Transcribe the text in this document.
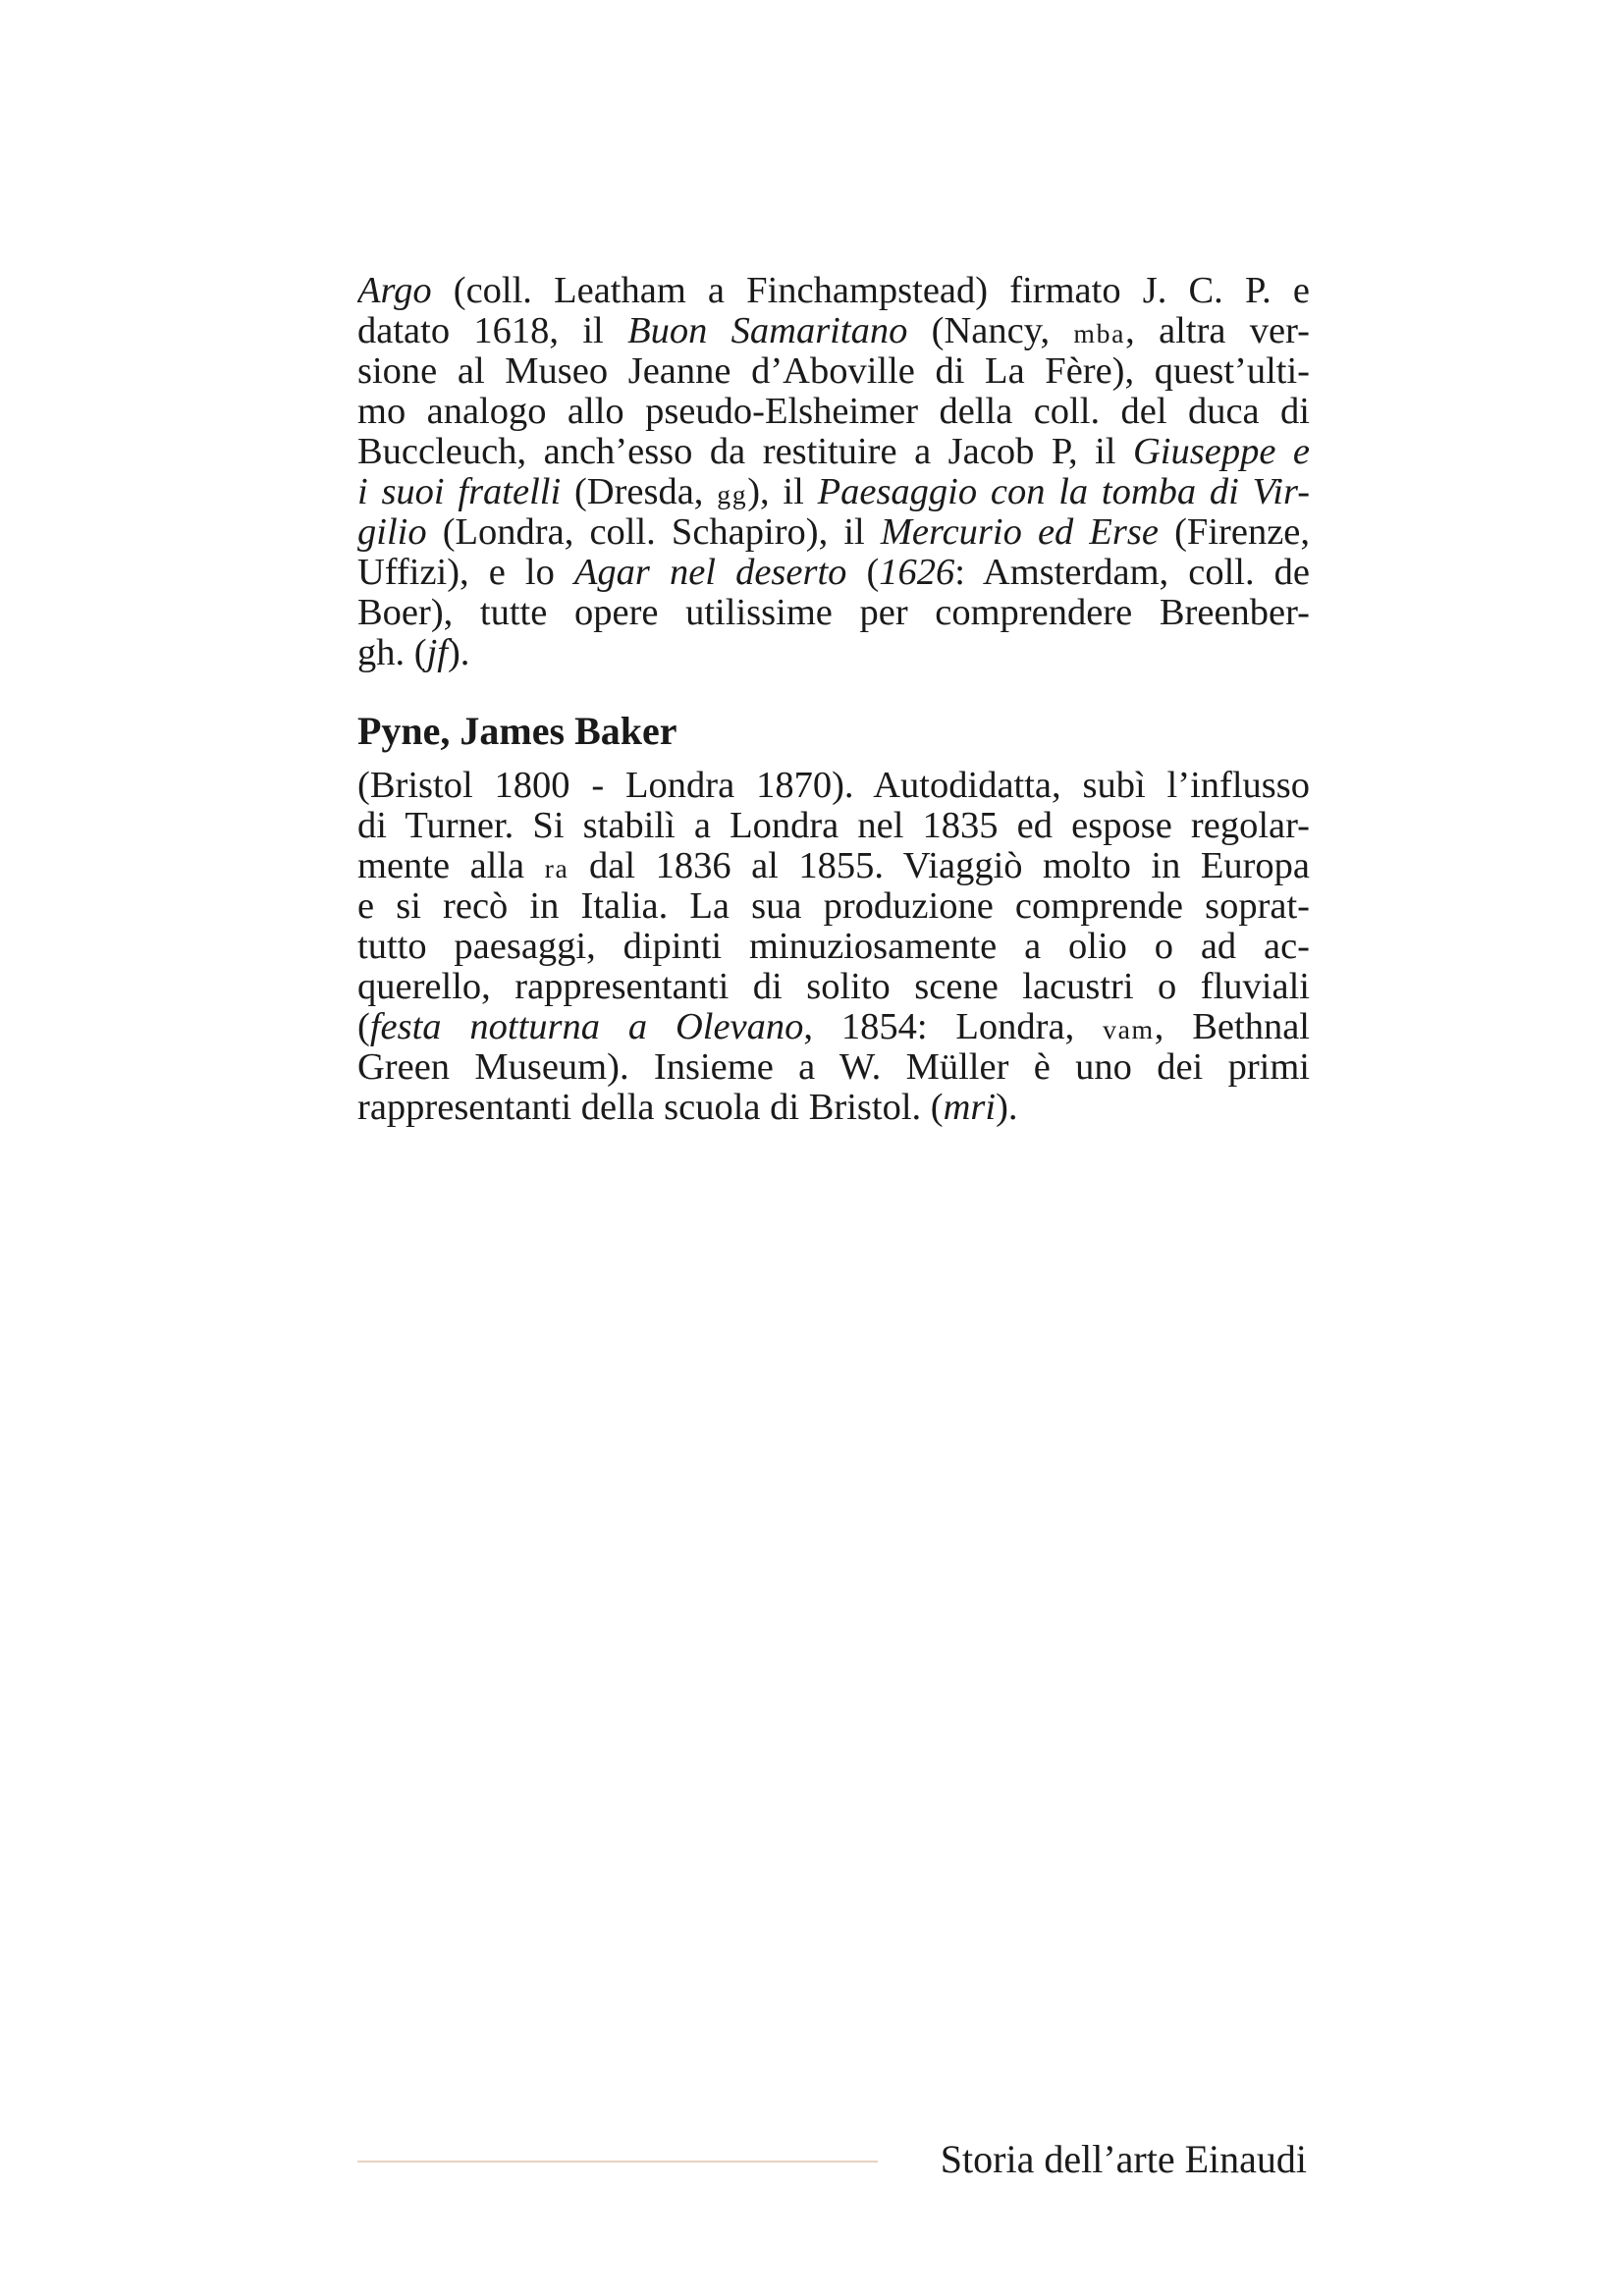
Argo (coll. Leatham a Finchampstead) firmato J. C. P. e
datato 1618, il Buon Samaritano (Nancy, mba, altra ver-
sione al Museo Jeanne d’Aboville di La Fère), quest’ulti-
mo analogo allo pseudo-Elsheimer della coll. del duca di
Buccleuch, anch’esso da restituire a Jacob P, il Giuseppe e
i suoi fratelli (Dresda, gg), il Paesaggio con la tomba di Vir-
gilio (Londra, coll. Schapiro), il Mercurio ed Erse (Firenze,
Uffizi), e lo Agar nel deserto (1626: Amsterdam, coll. de
Boer), tutte opere utilissime per comprendere Breenber-
gh. (jf).
Pyne, James Baker
(Bristol 1800 - Londra 1870). Autodidatta, subì l’influsso
di Turner. Si stabilì a Londra nel 1835 ed espose regolar-
mente alla ra dal 1836 al 1855. Viaggiò molto in Europa
e si recò in Italia. La sua produzione comprende soprat-
tutto paesaggi, dipinti minuziosamente a olio o ad ac-
querello, rappresentanti di solito scene lacustri o fluviali
(festa notturna a Olevano, 1854: Londra, vam, Bethnal
Green Museum). Insieme a W. Müller è uno dei primi
rappresentanti della scuola di Bristol. (mri).
Storia dell’arte Einaudi
